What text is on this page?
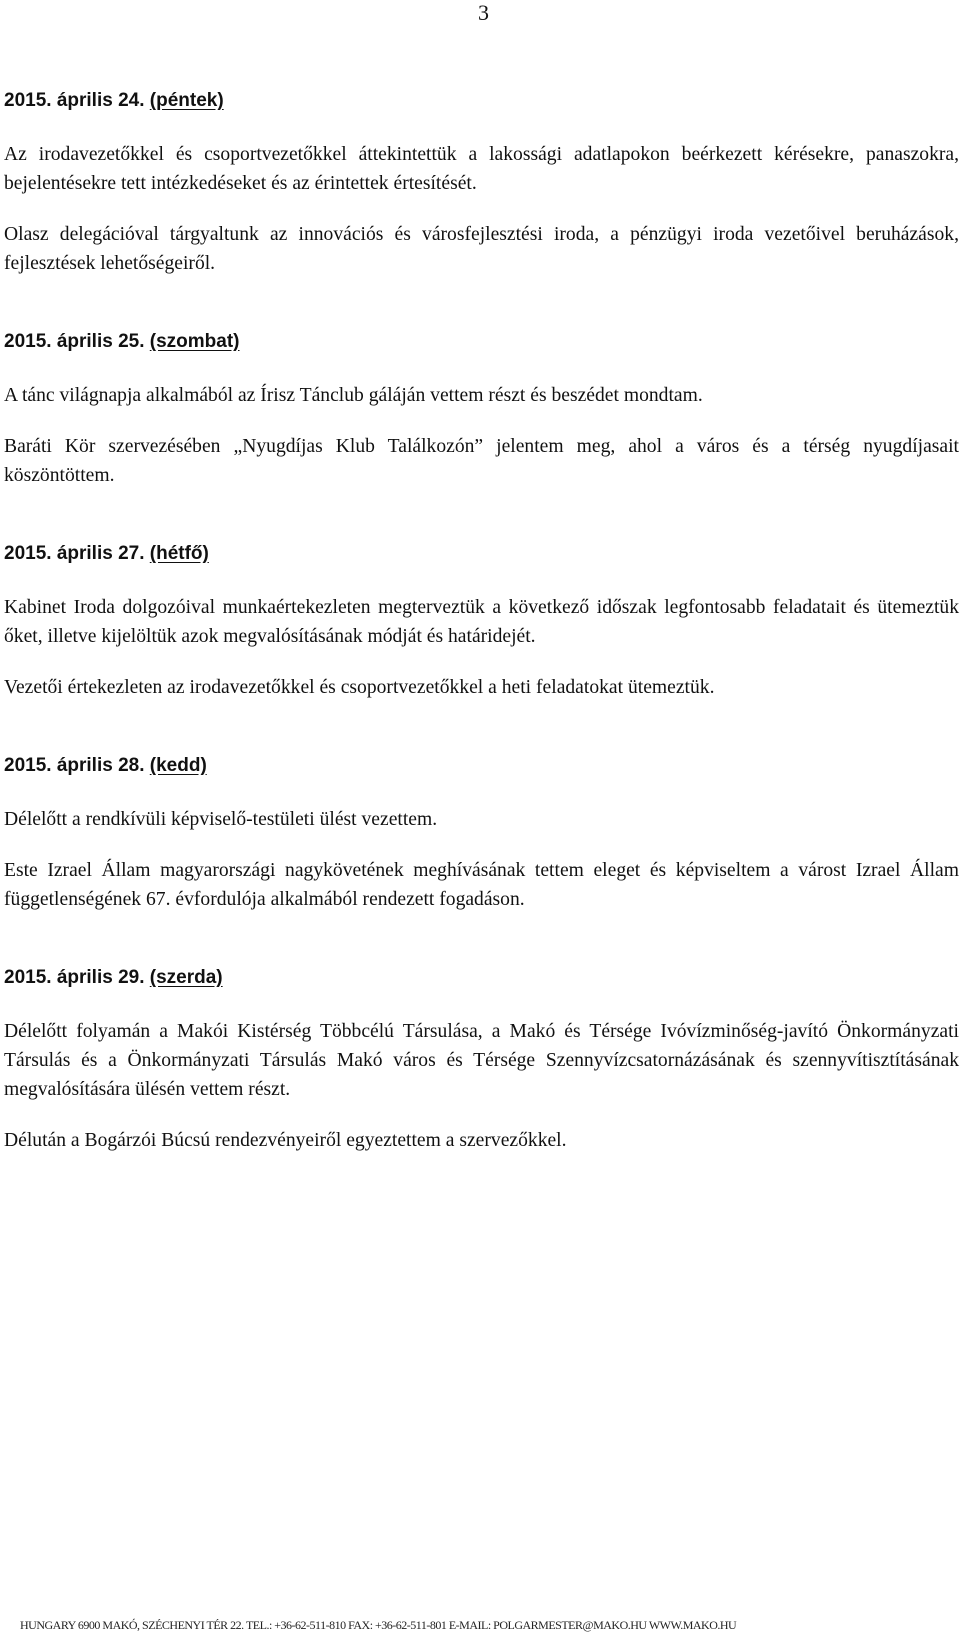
3
2015. április 24. (péntek)

Az irodavezetőkkel és csoportvezetőkkel áttekintettük a lakossági adatlapokon beérkezett kérésekre, panaszokra, bejelentésekre tett intézkedéseket és az érintettek értesítését.

Olasz delegációval tárgyaltunk az innovációs és városfejlesztési iroda, a pénzügyi iroda vezetőivel beruházások, fejlesztések lehetőségeiről.

2015. április 25. (szombat)

A tánc világnapja alkalmából az Írisz Tánclub gáláján vettem részt és beszédet mondtam.

Baráti Kör szervezésében „Nyugdíjas Klub Találkozón” jelentem meg, ahol a város és a térség nyugdíjasait köszöntöttem.

2015. április 27. (hétfő)

Kabinet Iroda dolgozóival munkaértekezleten megterveztük a következő időszak legfontosabb feladatait és ütemeztük őket, illetve kijelöltük azok megvalósításának módját és határidejét.

Vezetői értekezleten az irodavezetőkkel és csoportvezetőkkel a heti feladatokat ütemeztük.

2015. április 28. (kedd)

Délelőtt a rendkívüli képviselő-testületi ülést vezettem.

Este Izrael Állam magyarországi nagykövetének meghívásának tettem eleget és képviseltem a várost Izrael Állam függetlenségének 67. évfordulója alkalmából rendezett fogadáson.

2015. április 29. (szerda)

Délelőtt folyamán a Makói Kistérség Többcélú Társulása, a Makó és Térsége Ivóvízminőség-javító Önkormányzati Társulás és a Önkormányzati Társulás Makó város és Térsége Szennyvízcsatornázásának és szennyvítisztításának megvalósítására ülésén vettem részt.

Délután a Bogárzói Búcsú rendezvényeiről egyeztettem a szervezőkkel.

HUNGARY 6900 MAKÓ, SZÉCHENYI TÉR 22. TEL.: +36-62-511-810 FAX: +36-62-511-801 E-MAIL: POLGARMESTER@MAKO.HU WWW.MAKO.HU
